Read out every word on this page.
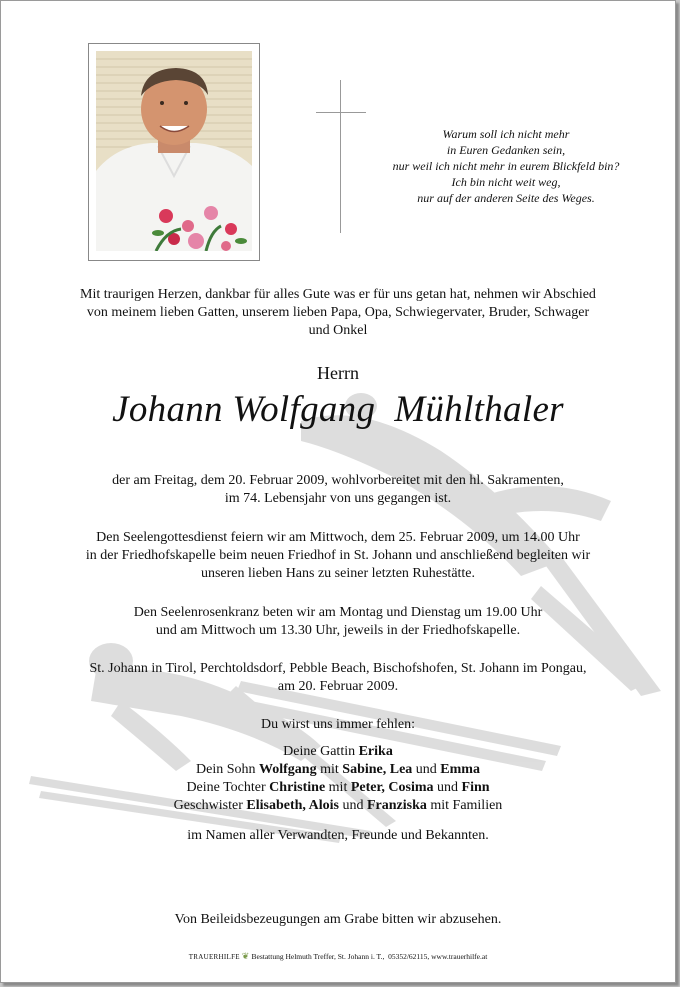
Warum soll ich nicht mehr
in Euren Gedanken sein,
nur weil ich nicht mehr in eurem Blickfeld bin?
Ich bin nicht weit weg,
nur auf der anderen Seite des Weges.
Mit traurigen Herzen, dankbar für alles Gute was er für uns getan hat, nehmen wir Abschied
von meinem lieben Gatten, unserem lieben Papa, Opa, Schwiegervater, Bruder, Schwager
und Onkel
Herrn
Johann Wolfgang  Mühlthaler
der am Freitag, dem 20. Februar 2009, wohlvorbereitet mit den hl. Sakramenten,
im 74. Lebensjahr von uns gegangen ist.
Den Seelengottesdienst feiern wir am Mittwoch, dem 25. Februar 2009, um 14.00 Uhr
in der Friedhofskapelle beim neuen Friedhof in St. Johann und anschließend begleiten wir
unseren lieben Hans zu seiner letzten Ruhestätte.
Den Seelenrosenkranz beten wir am Montag und Dienstag um 19.00 Uhr
und am Mittwoch um 13.30 Uhr, jeweils in der Friedhofskapelle.
St. Johann in Tirol, Perchtoldsdorf, Pebble Beach, Bischofshofen, St. Johann im Pongau,
am 20. Februar 2009.
Du wirst uns immer fehlen:
Deine Gattin Erika
Dein Sohn Wolfgang mit Sabine, Lea und Emma
Deine Tochter Christine mit Peter, Cosima und Finn
Geschwister Elisabeth, Alois und Franziska mit Familien
im Namen aller Verwandten, Freunde und Bekannten.
Von Beileidsbezeugungen am Grabe bitten wir abzusehen.
TRAUERHILFE ❦ Bestattung Helmuth Treffer, St. Johann i. T.,  05352/62115, www.trauerhilfe.at
